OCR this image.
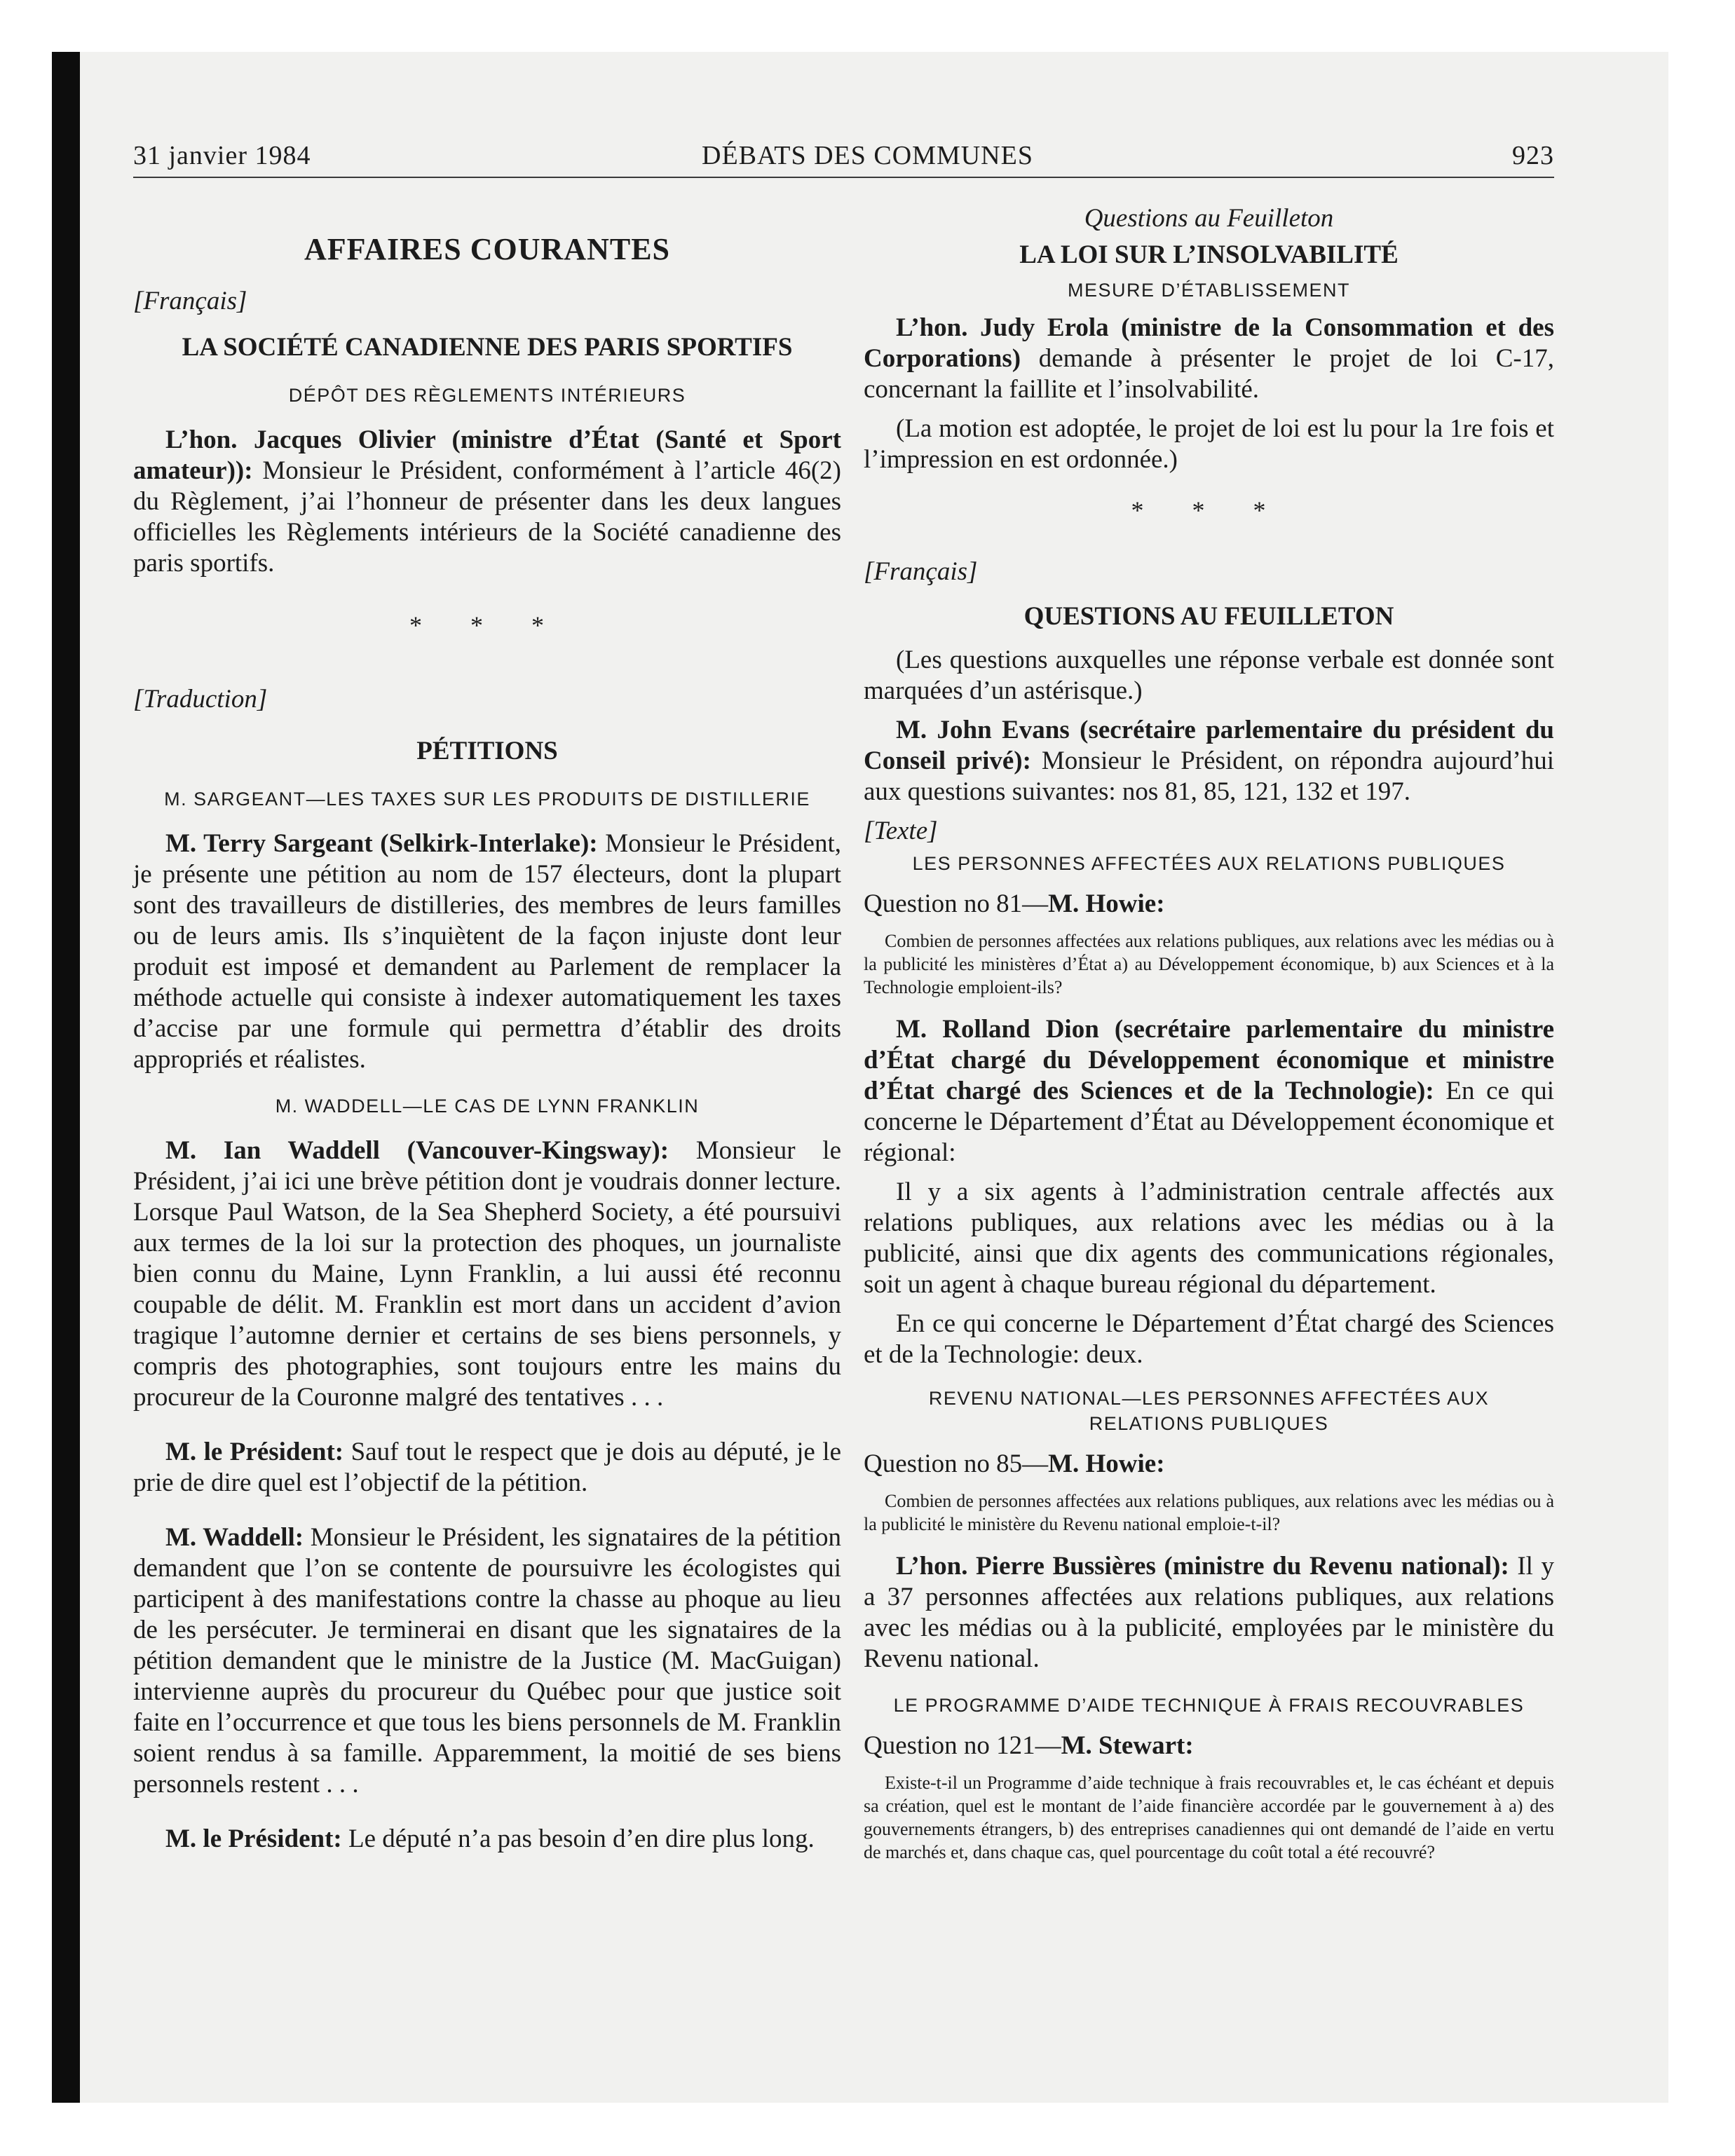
31 janvier 1984	DÉBATS DES COMMUNES	923
AFFAIRES COURANTES
[Français]
LA SOCIÉTÉ CANADIENNE DES PARIS SPORTIFS
DÉPÔT DES RÈGLEMENTS INTÉRIEURS

L’hon. Jacques Olivier (ministre d’État (Santé et Sport amateur)): Monsieur le Président, conformément à l’article 46(2) du Règlement, j’ai l’honneur de présenter dans les deux langues officielles les Règlements intérieurs de la Société canadienne des paris sportifs.

* * *
[Traduction]
PÉTITIONS
M. SARGEANT—LES TAXES SUR LES PRODUITS DE DISTILLERIE

M. Terry Sargeant (Selkirk-Interlake): Monsieur le Président, je présente une pétition au nom de 157 électeurs, dont la plupart sont des travailleurs de distilleries, des membres de leurs familles ou de leurs amis. Ils s’inquiètent de la façon injuste dont leur produit est imposé et demandent au Parlement de remplacer la méthode actuelle qui consiste à indexer automatiquement les taxes d’accise par une formule qui permettra d’établir des droits appropriés et réalistes.

M. WADDELL—LE CAS DE LYNN FRANKLIN

M. Ian Waddell (Vancouver-Kingsway): Monsieur le Président, j’ai ici une brève pétition dont je voudrais donner lecture. Lorsque Paul Watson, de la Sea Shepherd Society, a été poursuivi aux termes de la loi sur la protection des phoques, un journaliste bien connu du Maine, Lynn Franklin, a lui aussi été reconnu coupable de délit. M. Franklin est mort dans un accident d’avion tragique l’automne dernier et certains de ses biens personnels, y compris des photographies, sont toujours entre les mains du procureur de la Couronne malgré des tentatives . . .

M. le Président: Sauf tout le respect que je dois au député, je le prie de dire quel est l’objectif de la pétition.

M. Waddell: Monsieur le Président, les signataires de la pétition demandent que l’on se contente de poursuivre les écologistes qui participent à des manifestations contre la chasse au phoque au lieu de les persécuter. Je terminerai en disant que les signataires de la pétition demandent que le ministre de la Justice (M. MacGuigan) intervienne auprès du procureur du Québec pour que justice soit faite en l’occurrence et que tous les biens personnels de M. Franklin soient rendus à sa famille. Apparemment, la moitié de ses biens personnels restent . . .

M. le Président: Le député n’a pas besoin d’en dire plus long.

Questions au Feuilleton
LA LOI SUR L’INSOLVABILITÉ
MESURE D’ÉTABLISSEMENT

L’hon. Judy Erola (ministre de la Consommation et des Corporations) demande à présenter le projet de loi C-17, concernant la faillite et l’insolvabilité.

(La motion est adoptée, le projet de loi est lu pour la 1re fois et l’impression en est ordonnée.)

* * *
[Français]
QUESTIONS AU FEUILLETON

(Les questions auxquelles une réponse verbale est donnée sont marquées d’un astérisque.)

M. John Evans (secrétaire parlementaire du président du Conseil privé): Monsieur le Président, on répondra aujourd’hui aux questions suivantes: nos 81, 85, 121, 132 et 197.

[Texte]
LES PERSONNES AFFECTÉES AUX RELATIONS PUBLIQUES
Question no 81—M. Howie:

Combien de personnes affectées aux relations publiques, aux relations avec les médias ou à la publicité les ministères d’État a) au Développement économique, b) aux Sciences et à la Technologie emploient-ils?

M. Rolland Dion (secrétaire parlementaire du ministre d’État chargé du Développement économique et ministre d’État chargé des Sciences et de la Technologie): En ce qui concerne le Département d’État au Développement économique et régional:

Il y a six agents à l’administration centrale affectés aux relations publiques, aux relations avec les médias ou à la publicité, ainsi que dix agents des communications régionales, soit un agent à chaque bureau régional du département.

En ce qui concerne le Département d’État chargé des Sciences et de la Technologie: deux.

REVENU NATIONAL—LES PERSONNES AFFECTÉES AUX RELATIONS PUBLIQUES
Question no 85—M. Howie:

Combien de personnes affectées aux relations publiques, aux relations avec les médias ou à la publicité le ministère du Revenu national emploie-t-il?

L’hon. Pierre Bussières (ministre du Revenu national): Il y a 37 personnes affectées aux relations publiques, aux relations avec les médias ou à la publicité, employées par le ministère du Revenu national.

LE PROGRAMME D’AIDE TECHNIQUE À FRAIS RECOUVRABLES
Question no 121—M. Stewart:

Existe-t-il un Programme d’aide technique à frais recouvrables et, le cas échéant et depuis sa création, quel est le montant de l’aide financière accordée par le gouvernement à a) des gouvernements étrangers, b) des entreprises canadiennes qui ont demandé de l’aide en vertu de marchés et, dans chaque cas, quel pourcentage du coût total a été recouvré?
